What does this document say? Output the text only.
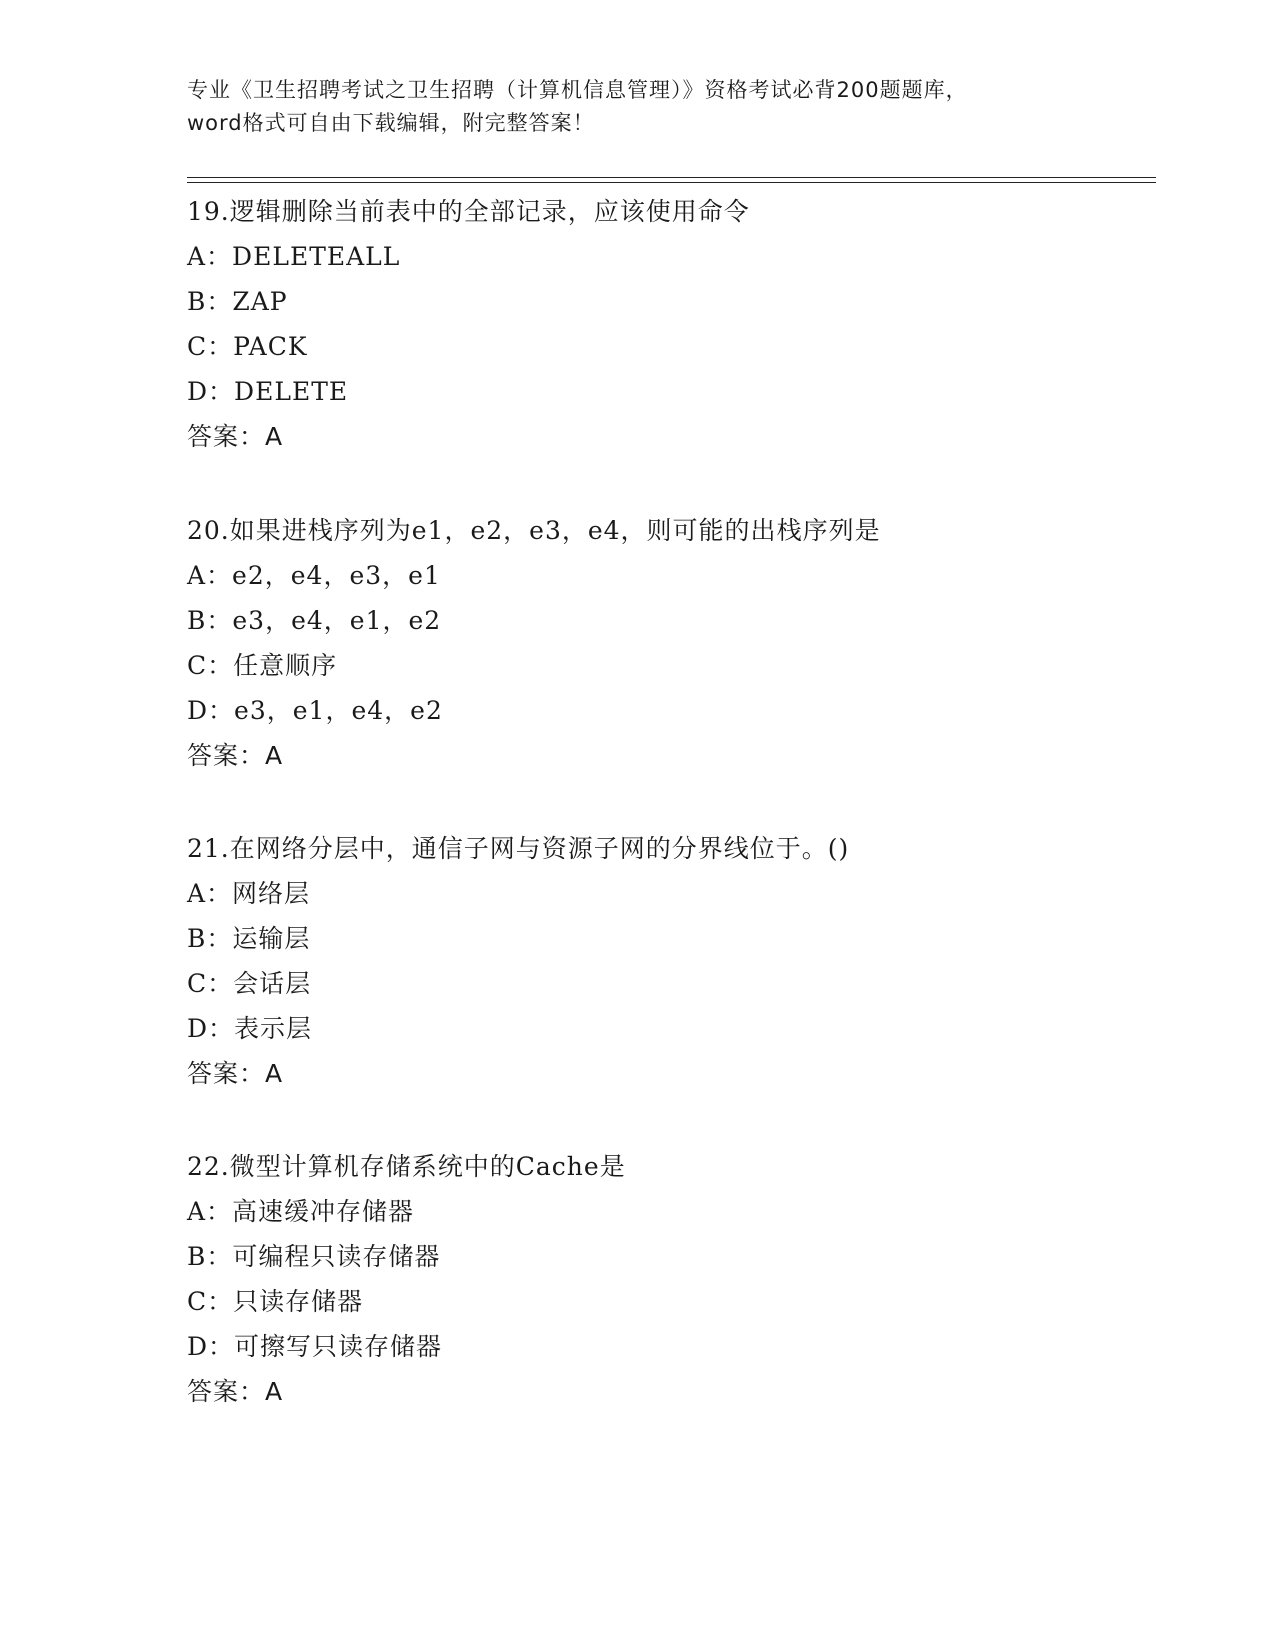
专业《卫生招聘考试之卫生招聘（计算机信息管理）》资格考试必背200题题库，
word格式可自由下载编辑，附完整答案！
19.逻辑删除当前表中的全部记录，应该使用命令
A：DELETEALL
B：ZAP
C：PACK
D：DELETE
答案：A
20.如果进栈序列为e1，e2，e3，e4，则可能的出栈序列是
A：e2，e4，e3，e1
B：e3，e4，e1，e2
C：任意顺序
D：e3，e1，e4，e2
答案：A
21.在网络分层中，通信子网与资源子网的分界线位于。()
A：网络层
B：运输层
C：会话层
D：表示层
答案：A
22.微型计算机存储系统中的Cache是
A：高速缓冲存储器
B：可编程只读存储器
C：只读存储器
D：可擦写只读存储器
答案：A
